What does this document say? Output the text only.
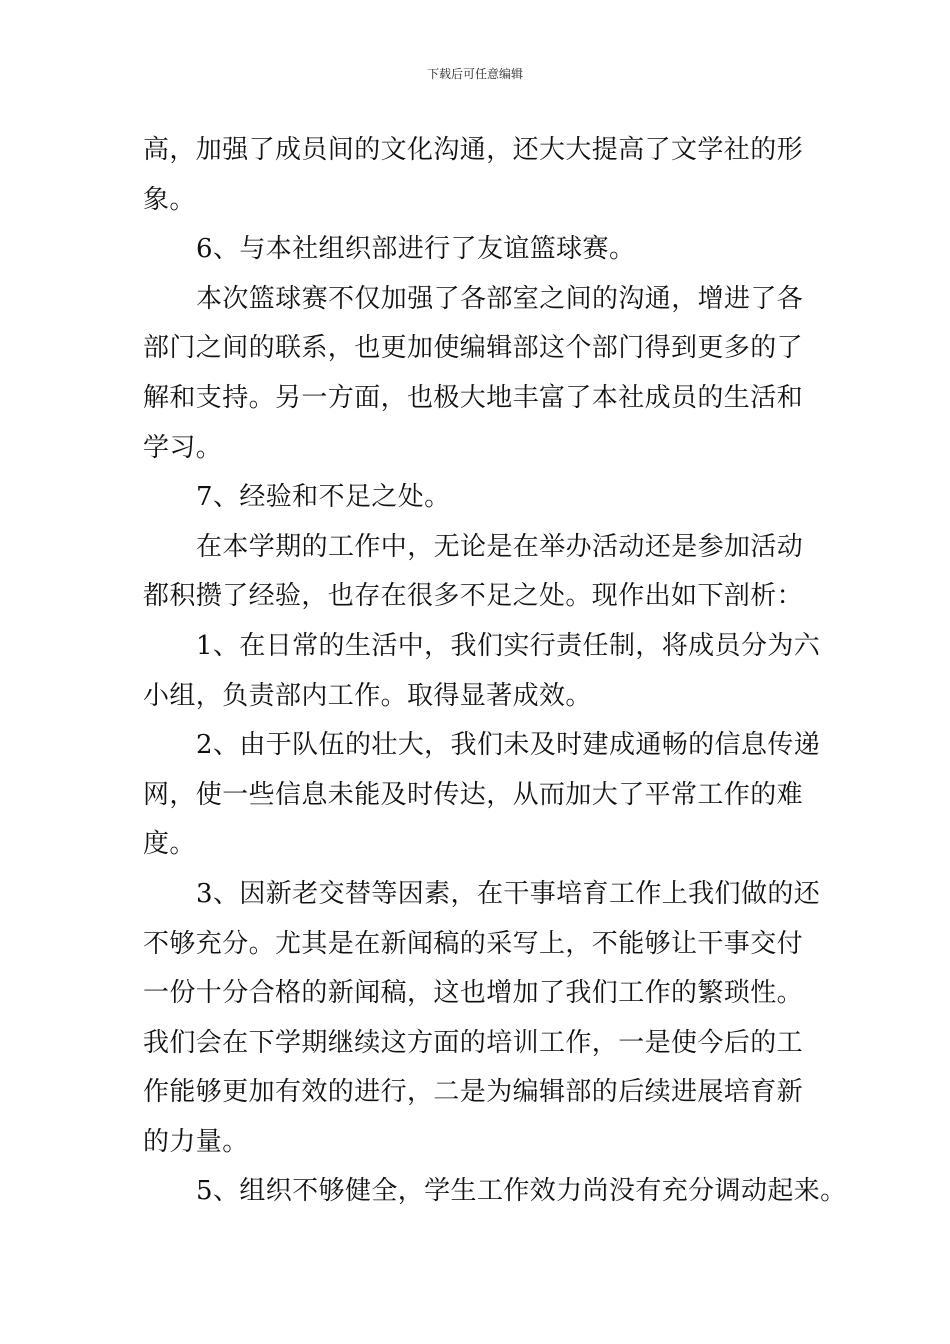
下载后可任意编辑
高，加强了成员间的文化沟通，还大大提高了文学社的形
象。
6、与本社组织部进行了友谊篮球赛。
本次篮球赛不仅加强了各部室之间的沟通，增进了各
部门之间的联系，也更加使编辑部这个部门得到更多的了
解和支持。另一方面，也极大地丰富了本社成员的生活和
学习。
7、经验和不足之处。
在本学期的工作中，无论是在举办活动还是参加活动
都积攒了经验，也存在很多不足之处。现作出如下剖析：
1、在日常的生活中，我们实行责任制，将成员分为六
小组，负责部内工作。取得显著成效。
2、由于队伍的壮大，我们未及时建成通畅的信息传递
网，使一些信息未能及时传达，从而加大了平常工作的难
度。
3、因新老交替等因素，在干事培育工作上我们做的还
不够充分。尤其是在新闻稿的采写上，不能够让干事交付
一份十分合格的新闻稿，这也增加了我们工作的繁琐性。
我们会在下学期继续这方面的培训工作，一是使今后的工
作能够更加有效的进行，二是为编辑部的后续进展培育新
的力量。
5、组织不够健全，学生工作效力尚没有充分调动起来。
